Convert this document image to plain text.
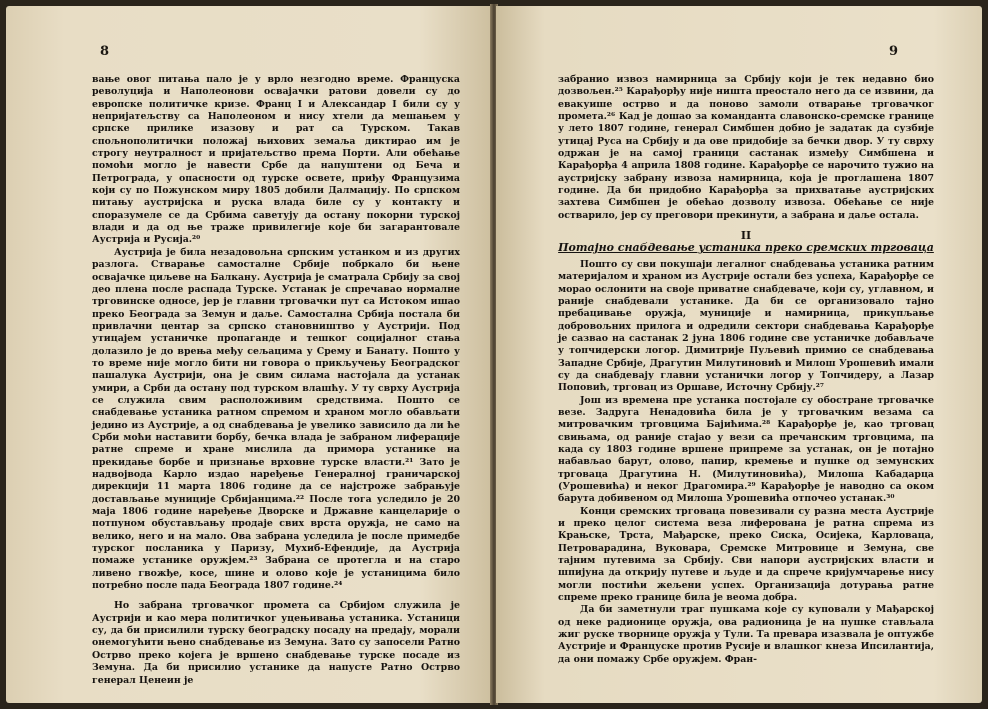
8

вање овог питања пало је у врло незгодно време. Француска револуција и Наполеонови освајачки ратови довели су до европске политичке кризе. Франц I и Александар I били су у непријатељству са Наполеоном и нису хтели да мешањем у српске прилике изазову и рат са Турском. Такав спољнополитички положај њихових земаља диктирао им је строгу неутралност и пријатељство према Порти. Али обећање помоћи могло је навести Србе да напуштени од Беча и Петрограда, у опасности од турске освете, приђу Французима који су по Пожунском миру 1805 добили Далмацију. По српском питању аустријска и руска влада биле су у контакту и споразумеле се да Србима саветују да остану покорни турској влади и да од ње траже привилегије које би загарантовале Аустрија и Русија.²⁰

Аустрија је била незадовољна српским устанком и из других разлога. Стварање самосталне Србије побркало би њене освајачке циљеве на Балкану. Аустрија је сматрала Србију за свој део плена после распада Турске. Устанак је спречавао нормалне трговинске односе, јер је главни трговачки пут са Истоком ишао преко Београда за Земун и даље. Самостална Србија постала би привлачни центар за српско становништво у Аустрији. Под утицајем устаничке пропаганде и тешког социјалног стања долазило је до врења међу сељацима у Срему и Банату. Пошто у то време није могло бити ни говора о прикључењу Београдског пашалука Аустрији, она је свим силама настојала да устанак умири, а Срби да остану под турском влашћу. У ту сврху Аустрија се служила свим расположивим средствима. Пошто се снабдевање устаника ратном спремом и храном могло обављати једино из Аустрије, а од снабдевања је увелико зависило да ли ће Срби моћи наставити борбу, бечка влада је забраном лиферације ратне спреме и хране мислила да примора устанике на прекидање борбе и признање врховне турске власти.²¹ Зато је надвојвода Карло издао наређење Генералној граничарској дирекцији 11 марта 1806 године да се најстроже забрањује достављање муниције Србијанцима.²² После тога уследило је 20 маја 1806 године наређење Дворске и Државне канцеларије о потпуном обустављању продаје свих врста оружја, не само на велико, него и на мало. Ова забрана уследила је после примедбе турског посланика у Паризу, Мухиб-Ефендије, да Аустрија помаже устанике оружјем.²³ Забрана се протегла и на старо ливено гвожђе, косе, шине и олово које је устаницима било потребно после пада Београда 1807 године.²⁴

Но забрана трговачког промета са Србијом служила је Аустрији и као мера политичког уцењивања устаника. Устаници су, да би присилили турску београдску посаду на предају, морали онемогућити њено снабдевање из Земуна. Зато су запосели Ратно Острво преко којега је вршено снабдевање турске посаде из Земуна. Да би присилио устанике да напусте Ратно Острво генерал Ценеин је

9

забранио извоз намирница за Србију који је тек недавно био дозвољен.²⁵ Карађорђу није ништа преостало него да се извини, да евакуише острво и да поново замоли отварање трговачког промета.²⁶ Кад је дошао за команданта славонско-сремске границе у лето 1807 године, генерал Симбшен добио је задатак да сузбије утицај Руса на Србију и да ове придобије за бечки двор. У ту сврху одржан је на самој граници састанак између Симбшена и Карађорђа 4 априла 1808 године. Карађорђе се нарочито тужио на аустријску забрану извоза намирница, која је проглашена 1807 године. Да би придобио Карађорђа за прихватање аустријских захтева Симбшен је обећао дозволу извоза. Обећање се није остварило, јер су преговори прекинути, а забрана и даље остала.

II
Потајно снабдевање устаника преко сремских трговаца

Пошто су сви покушаји легалног снабдевања устаника ратним материјалом и храном из Аустрије остали без успеха, Карађорђе се морао ослонити на своје приватне снабдеваче, који су, углавном, и раније снабдевали устанике. Да би се организовало тајно пребацивање оружја, муниције и намирница, прикупљање добровољних прилога и одредили сектори снабдевања Карађорђе је сазвао на састанак 2 јуна 1806 године све устаничке добављаче у топчидерски логор. Димитрије Пуљевић примио се снабдевања Западне Србије, Драгутин Милутиновић и Милош Урошевић имали су да снабдевају главни устанички логор у Топчидеру, а Лазар Поповић, трговац из Оршаве, Источну Србију.²⁷

Још из времена пре устанка постојале су обостране трговачке везе. Задруга Ненадовића била је у трговачким везама са митровачким трговцима Бајићима.²⁸ Карађорђе је, као трговац свињама, од раније стајао у вези са пречанским трговцима, па када су 1803 године вршене припреме за устанак, он је потајно набављао барут, олово, папир, кремење и пушке од земунских трговаца Драгутина Н. (Милутиновића), Милоша Кабадарца (Урошевића) и неког Драгомира.²⁹ Карађорђе је наводно са оком барута добивеном од Милоша Урошевића отпочео устанак.³⁰

Конци сремских трговаца повезивали су разна места Аустрије и преко целог система веза лиферована је ратна спрема из Крањске, Трста, Мађарске, преко Сиска, Осијека, Карловаца, Петроварадина, Вуковара, Сремске Митровице и Земуна, све тајним путевима за Србију. Сви напори аустријских власти и шпијуна да открију путеве и људе и да спрече кријумчарење нису могли постићи жељени успех. Организација дотурања ратне спреме преко границе била је веома добра.

Да би заметнули траг пушкама које су куповали у Мађарској од неке радионице оружја, ова радионица је на пушке стављала жиг руске творнице оружја у Тули. Та превара изазвала је оптужбе Аустрије и Француске против Русије и влашког кнеза Ипсилантија, да они помажу Србе оружјем. Фран-
